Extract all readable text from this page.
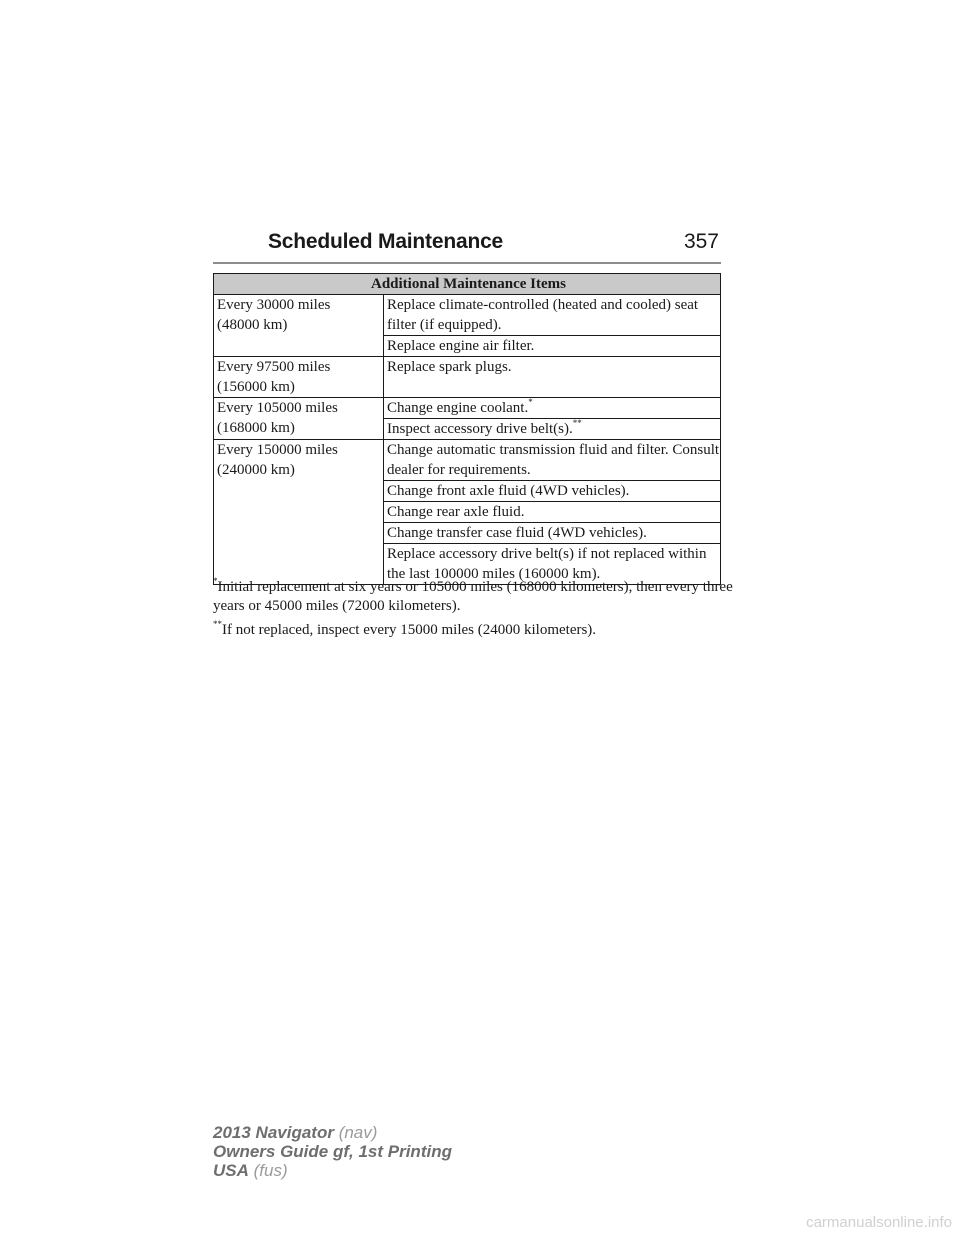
Scheduled Maintenance	357
Additional Maintenance Items	
Every 30000 miles
(48000 km)	Replace climate-controlled (heated and cooled) seat filter (if equipped).
	Replace engine air filter.
Every 97500 miles
(156000 km)	Replace spark plugs.
Every 105000 miles
(168000 km)	Change engine coolant.*
	Inspect accessory drive belt(s).**
Every 150000 miles
(240000 km)	Change automatic transmission fluid and filter. Consult dealer for requirements.
	Change front axle fluid (4WD vehicles).
	Change rear axle fluid.
	Change transfer case fluid (4WD vehicles).
	Replace accessory drive belt(s) if not replaced within the last 100000 miles (160000 km).

*Initial replacement at six years or 105000 miles (168000 kilometers), then every three years or 45000 miles (72000 kilometers).

**If not replaced, inspect every 15000 miles (24000 kilometers).

2013 Navigator (nav)
Owners Guide gf, 1st Printing
USA (fus)
carmanualsonline.info
